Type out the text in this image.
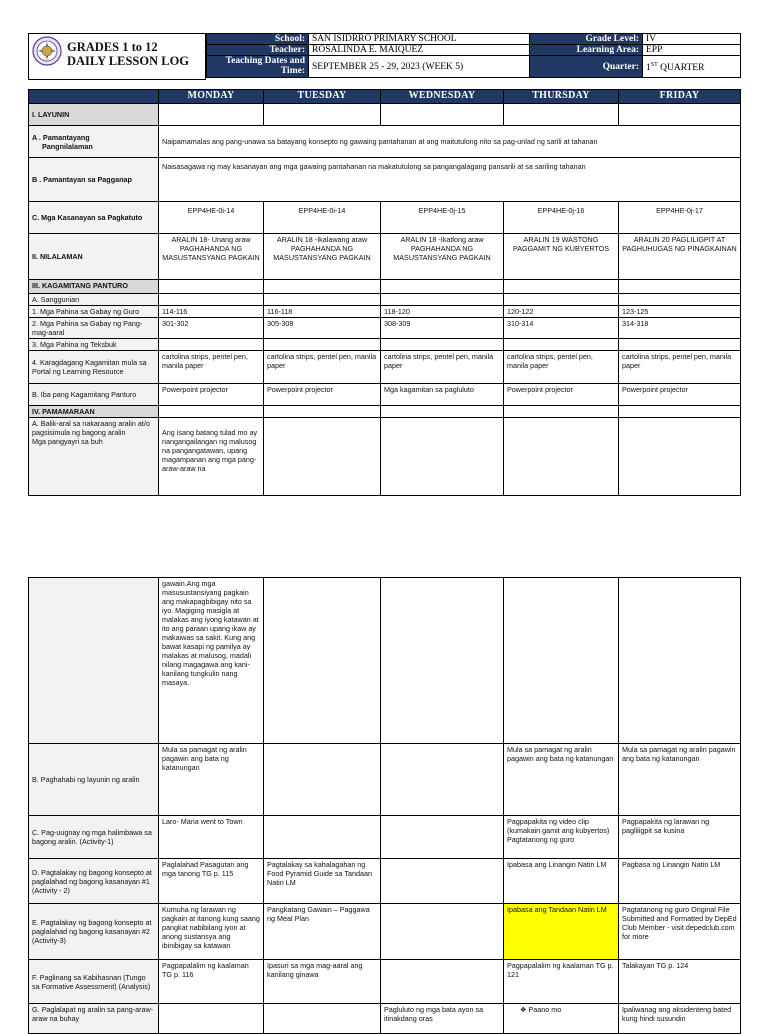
GRADES 1 to 12
DAILY LESSON LOG
School:	SAN ISIDRRO PRIMARY SCHOOL	Grade Level:	IV
Teacher:	ROSALINDA E. MAIQUEZ	Learning Area:	EPP

Teaching Dates and
Time:	SEPTEMBER 25 - 29, 2023 (WEEK 5)	Quarter:	1ST QUARTER
	MONDAY	TUESDAY	WEDNESDAY	THURSDAY	FRIDAY
I. LAYUNIN					

A . Pamantayang
Pangnilalaman	Naipamamalas ang pang-unawa sa batayang konsepto ng gawaing pantahanan at ang maitutulong nito sa pag-unlad ng sarili at tahanan				
B . Pamantayan sa Pagganap	Naisasagawa ng may kasanayan ang mga gawaing pantahanan na makatutulong sa pangangalagang pansarili at sa sariling tahanan				
C. Mga Kasanayan sa Pagkatuto	EPP4HE-0i-14	EPP4HE-0i-14	EPP4HE-0j-15	EPP4HE-0j-16	EPP4HE-0j-17
II. NILALAMAN	ARALIN 18- Unang araw PAGHAHANDA NG MASUSTANSYANG PAGKAIN	ARALIN 18 -Ikalawang araw PAGHAHANDA NG MASUSTANSYANG PAGKAIN	ARALIN 18 -Ikatlong araw PAGHAHANDA NG MASUSTANSYANG PAGKAIN	ARALIN 19 WASTONG PAGGAMIT NG KUBYERTOS	ARALIN 20 PAGLILIGPIT AT PAGHUHUGAS NG PINAGKAINAN
III. KAGAMITANG PANTURO					
A. Sanggunian					
1. Mga Pahina sa Gabay ng Guro	114-116	116-118	118-120	120-122	123-125
2. Mga Pahina sa Gabay ng Pang-mag-aaral	301-302	305-308	308-309	310-314	314-318
3. Mga Pahina ng Teksbuk					
4. Karagdagang Kagamitan mula sa Portal ng Learning Resource	cartolina strips, pentel pen, manila paper	cartolina strips, pentel pen, manila paper	cartolina strips, pentel pen, manila paper	cartolina strips, pentel pen, manila paper	cartolina strips, pentel pen, manila paper
B. Iba pang Kagamitang Panturo	Powerpoint projector	Powerpoint projector	Mga kagamitan sa pagluluto	Powerpoint projector	Powerpoint projector
IV. PAMAMARAAN					

A. Balik-aral sa nakaraang aralin at/o pagsisimula ng bagong aralin
Mga pangyayri sa buh	Ang isang batang tulad mo ay nangangailangan ng malusog na pangangatawan, upang magampanan ang mga pang-araw-araw na				
	gawain.Ang mga masusustansiyang pagkain ang makapagbibigay nito sa iyo. Magiging masigla at malakas ang iyong katawan at ito ang paraan upang ikaw ay makaiwas sa sakit. Kung ang bawat kasapi ng pamilya ay malakas at malusog, madali nilang magagawa ang kani-kanilang tungkulin nang masaya.				
B. Paghahabi ng layunin ng aralin	Mula sa pamagat ng aralin pagawin ang bata ng katanungan			Mula sa pamagat ng aralin pagawin ang bata ng katanungan	Mula sa pamagat ng aralin pagawin ang bata ng katanungan
C. Pag-uugnay ng mga halimbawa sa bagong aralin. (Activity-1)	Laro- Maria went to Town			Pagpapakita ng video clip (kumakain gamit ang kubyertos) Pagtatanong ng guro	Pagpapakita ng larawan ng pagliligpit sa kusina
D. Pagtalakay ng bagong konsepto at paglalahad ng bagong kasanayan #1 (Activity - 2)	Paglalahad Pasagutan ang mga tanong TG p. 115	Pagtalakay sa kahalagahan ng Food Pyramid Guide sa Tandaan Natin LM		Ipabasa ang Linangin Natin LM	Pagbasa ng Linangin Natin LM
E. Pagtalakay ng bagong konsepto at paglalahad ng bagong kasanayan #2 (Activity-3)	Kumuha ng larawan ng pagkain at itanong kung saang pangkat nabibilang iyon at anong sustansya ang ibinibigay sa katawan	Pangkatang Gawain – Paggawa ng Meal Plan		Ipabasa ang Tandaan Natin LM	Pagtatanong ng guro Original File Submitted and Formatted by DepEd Club Member - visit depedclub.com for more
F. Paglinang sa Kabihasnan (Tungo sa Formative Assessment) (Analysis)	Pagpapalalim ng kaalaman TG p. 116	Ipasuri sa mga mag-aaral ang kanilang ginawa		Pagpapalalim ng kaalaman TG p. 121	Talakayan TG p. 124
G. Paglalapat ng aralin sa pang-araw-araw na buhay			Pagluluto ng mga bata ayon sa itinakdang oras	❖ Paano mo	Ipaliwanag ang aksidenteng bated kung hindi susundin
